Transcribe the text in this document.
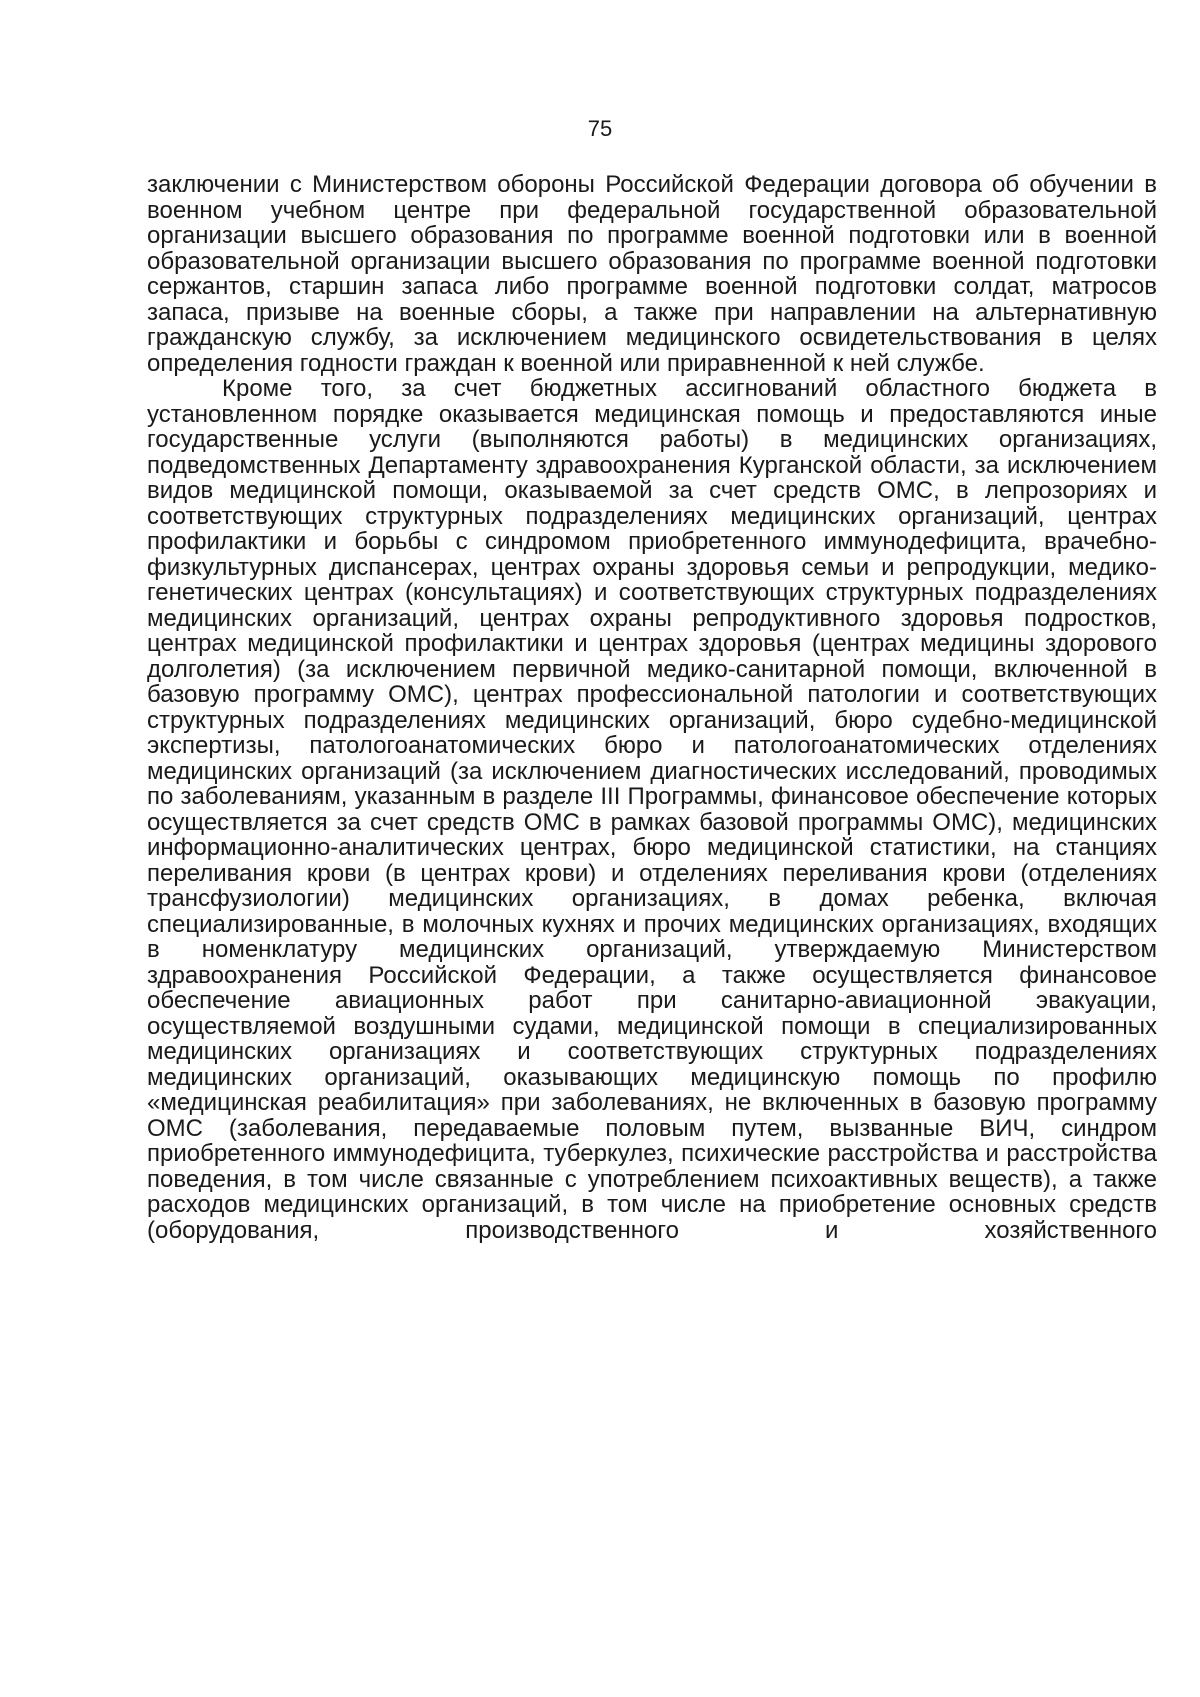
75

заключении с Министерством обороны Российской Федерации договора об обучении в военном учебном центре при федеральной государственной образовательной организации высшего образования по программе военной подготовки или в военной образовательной организации высшего образования по программе военной подготовки сержантов, старшин запаса либо программе военной подготовки солдат, матросов запаса, призыве на военные сборы, а также при направлении на альтернативную гражданскую службу, за исключением медицинского освидетельствования в целях определения годности граждан к военной или приравненной к ней службе.

Кроме того, за счет бюджетных ассигнований областного бюджета в установленном порядке оказывается медицинская помощь и предоставляются иные государственные услуги (выполняются работы) в медицинских организациях, подведомственных Департаменту здравоохранения Курганской области, за исключением видов медицинской помощи, оказываемой за счет средств ОМС, в лепрозориях и соответствующих структурных подразделениях медицинских организаций, центрах профилактики и борьбы с синдромом приобретенного иммунодефицита, врачебно-физкультурных диспансерах, центрах охраны здоровья семьи и репродукции, медико-генетических центрах (консультациях) и соответствующих структурных подразделениях медицинских организаций, центрах охраны репродуктивного здоровья подростков, центрах медицинской профилактики и центрах здоровья (центрах медицины здорового долголетия) (за исключением первичной медико-санитарной помощи, включенной в базовую программу ОМС), центрах профессиональной патологии и соответствующих структурных подразделениях медицинских организаций, бюро судебно-медицинской экспертизы, патологоанатомических бюро и патологоанатомических отделениях медицинских организаций (за исключением диагностических исследований, проводимых по заболеваниям, указанным в разделе III Программы, финансовое обеспечение которых осуществляется за счет средств ОМС в рамках базовой программы ОМС), медицинских информационно-аналитических центрах, бюро медицинской статистики, на станциях переливания крови (в центрах крови) и отделениях переливания крови (отделениях трансфузиологии) медицинских организациях, в домах ребенка, включая специализированные, в молочных кухнях и прочих медицинских организациях, входящих в номенклатуру медицинских организаций, утверждаемую Министерством здравоохранения Российской Федерации, а также осуществляется финансовое обеспечение авиационных работ при санитарно-авиационной эвакуации, осуществляемой воздушными судами, медицинской помощи в специализированных медицинских организациях и соответствующих структурных подразделениях медицинских организаций, оказывающих медицинскую помощь по профилю «медицинская реабилитация» при заболеваниях, не включенных в базовую программу ОМС (заболевания, передаваемые половым путем, вызванные ВИЧ, синдром приобретенного иммунодефицита, туберкулез, психические расстройства и расстройства поведения, в том числе связанные с употреблением психоактивных веществ), а также расходов медицинских организаций, в том числе на приобретение основных средств (оборудования, производственного и хозяйственного
